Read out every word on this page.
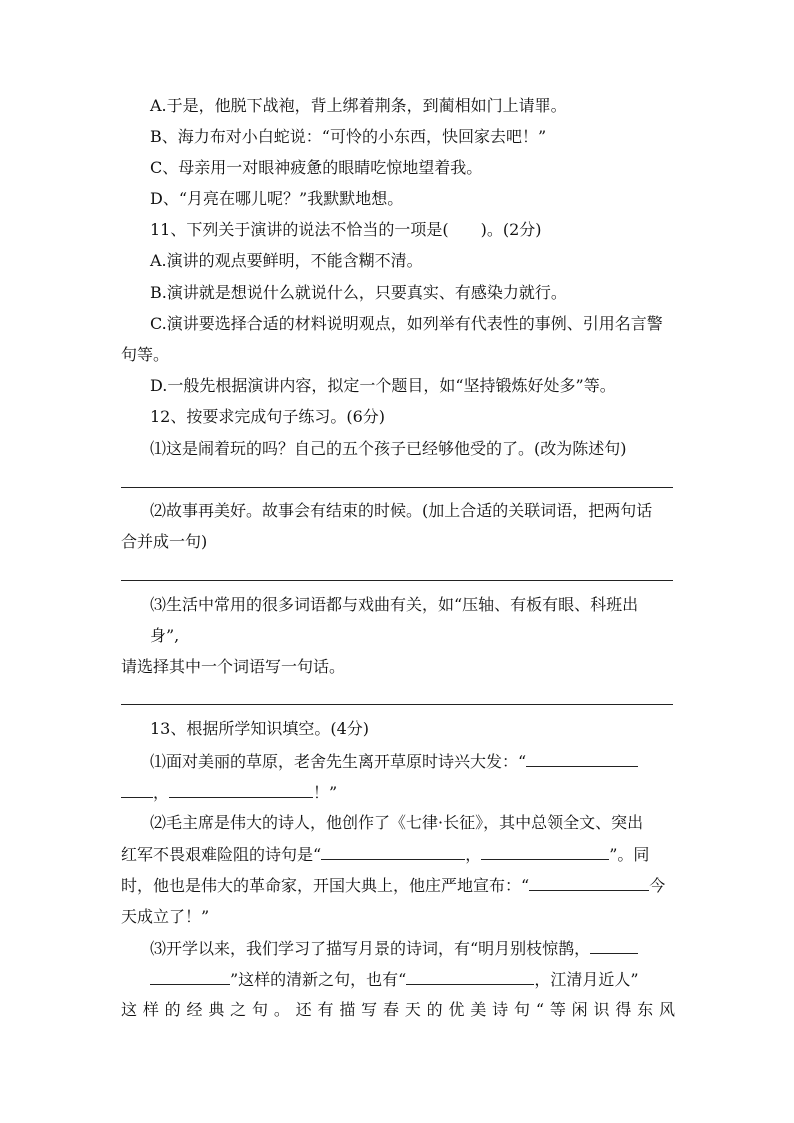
A.于是，他脱下战袍，背上绑着荆条，到蔺相如门上请罪。
B、海力布对小白蛇说：“可怜的小东西，快回家去吧！”
C、母亲用一对眼神疲惫的眼睛吃惊地望着我。
D、“月亮在哪儿呢？”我默默地想。
11、下列关于演讲的说法不恰当的一项是(　　)。(2分)
A.演讲的观点要鲜明，不能含糊不清。
B.演讲就是想说什么就说什么，只要真实、有感染力就行。
C.演讲要选择合适的材料说明观点，如列举有代表性的事例、引用名言警
句等。
D.一般先根据演讲内容，拟定一个题目，如“坚持锻炼好处多”等。
12、按要求完成句子练习。(6分)
⑴这是闹着玩的吗？自己的五个孩子已经够他受的了。(改为陈述句)
⑵故事再美好。故事会有结束的时候。(加上合适的关联词语，把两句话
合并成一句)
⑶生活中常用的很多词语都与戏曲有关，如“压轴、有板有眼、科班出
身”,
请选择其中一个词语写一句话。
13、根据所学知识填空。(4分)
⑴面对美丽的草原，老舍先生离开草原时诗兴大发：“
，	！”
⑵毛主席是伟大的诗人，他创作了《七律·长征》，其中总领全文、突出
红军不畏艰难险阻的诗句是“	，	”。同
时，他也是伟大的革命家，开国大典上，他庄严地宣布：“	今
天成立了！”
⑶开学以来，我们学习了描写月景的诗词，有“明月别枝惊鹊，
”这样的清新之句，也有“	，江清月近人”
这样的经典之句。还有描写春天的优美诗句“等闲识得东风
